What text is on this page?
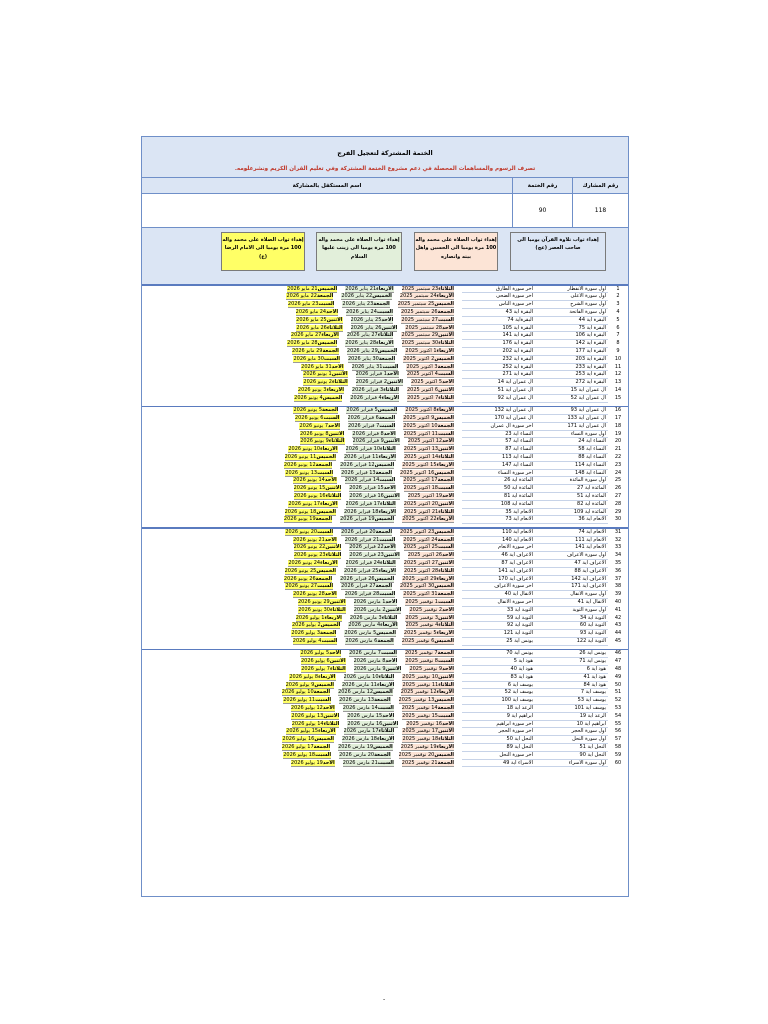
الختمة المشتركة لتعجيل الفرج
تصرف الرسوم والمساهمات المحصلة في دعم مشروع الختمة المشتركة وفي تعليم القران الكريم ونشرعلومه.
رقم المشارك
رقم الختمة
اسم المستكفل بالمشاركة
118
90
إهداء ثواب تلاوة القرآن يوميا الى صاحب العصر (عج)
إهداء ثواب الصلاة على محمد واله 100 مرة يوميا الى الحسين واهل بيته وانصاره
إهداء ثواب الصلاة على محمد واله 100 مرة يوميا الى زينب عليها السلام
إهداء ثواب الصلاة على محمد واله 100 مرة يوميا الى الامام الرضا (ع)
1
اول سورة الانفطار
اخر سورة الطارق
الثلاثاء23 سبتمبر 2025
الأربعاء21 يناير 2026
الخميس21 مايو 2026
2
اول سورة الاعلى
اخر سورة الضحى
الأربعاء24 سبتمبر 2025
الخميس22 يناير 2026
الجمعة22 مايو 2026
3
اول سورة الشرح
اخر سورة الناس
الخميس25 سبتمبر 2025
الجمعة23 يناير 2026
السبت23 مايو 2026
4
اول سورة الفاتحة
البقرة اية 43
الجمعة26 سبتمبر 2025
السبت24 يناير 2026
الأحد24 مايو 2026
5
البقرة اية 44
البقرةاية 74
السبت27 سبتمبر 2025
الأحد25 يناير 2026
الاثنين25 مايو 2026
6
البقرة اية 75
البقرة اية 105
الأحد28 سبتمبر 2025
الاثنين26 يناير 2026
الثلاثاء26 مايو 2026
7
البقرة اية 106
البقرة اية 141
الاثنين29 سبتمبر 2025
الثلاثاء27 يناير 2026
الأربعاء27 مايو 2026
8
البقرة اية 142
البقرة اية 176
الثلاثاء30 سبتمبر 2025
الأربعاء28 يناير 2026
الخميس28 مايو 2026
9
البقرة اية 177
البقرة اية 202
الأربعاء1 اكتوبر 2025
الخميس29 يناير 2026
الجمعة29 مايو 2026
10
البقرة اية 203
البقرة اية 232
الخميس2 اكتوبر 2025
الجمعة30 يناير 2026
السبت30 مايو 2026
11
البقرة اية 233
البقرة اية 252
الجمعة3 اكتوبر 2025
السبت31 يناير 2026
الأحد31 مايو 2026
12
البقرة اية 253
البقرة اية 271
السبت4 اكتوبر 2025
الأحد1 فبراير 2026
الاثنين1 يونيو 2026
13
البقرة اية 272
ال عمران اية 14
الأحد5 اكتوبر 2025
الاثنين2 فبراير 2026
الثلاثاء2 يونيو 2026
14
ال عمران اية 15
ال عمران اية 51
الاثنين6 اكتوبر 2025
الثلاثاء3 فبراير 2026
الأربعاء3 يونيو 2026
15
ال عمران اية 52
ال عمران اية 92
الثلاثاء7 اكتوبر 2025
الأربعاء4 فبراير 2026
الخميس4 يونيو 2026
16
ال عمران اية 93
ال عمران اية 132
الأربعاء8 اكتوبر 2025
الخميس5 فبراير 2026
الجمعة5 يونيو 2026
17
ال عمران اية 133
ال عمران اية 170
الخميس9 اكتوبر 2025
الجمعة6 فبراير 2026
السبت6 يونيو 2026
18
ال عمران اية 171
اخر سورة ال عمران
الجمعة10 اكتوبر 2025
السبت7 فبراير 2026
الأحد7 يونيو 2026
19
اول سورة النساء
النساء اية 23
السبت11 اكتوبر 2025
الأحد8 فبراير 2026
الاثنين8 يونيو 2026
20
النساء اية 24
النساء اية 57
الأحد12 اكتوبر 2025
الاثنين9 فبراير 2026
الثلاثاء9 يونيو 2026
21
النساء اية 58
النساء اية 87
الاثنين13 اكتوبر 2025
الثلاثاء10 فبراير 2026
الأربعاء10 يونيو 2026
22
النساء اية 88
النساء اية 113
الثلاثاء14 اكتوبر 2025
الأربعاء11 فبراير 2026
الخميس11 يونيو 2026
23
النساء اية 114
النساء اية 147
الأربعاء15 اكتوبر 2025
الخميس12 فبراير 2026
الجمعة12 يونيو 2026
24
النساء اية 148
اخر سورة النساء
الخميس16 اكتوبر 2025
الجمعة13 فبراير 2026
السبت13 يونيو 2026
25
اول سورة المائدة
المائدة اية 26
الجمعة17 اكتوبر 2025
السبت14 فبراير 2026
الأحد14 يونيو 2026
26
المائدة اية 27
المائدة اية 50
السبت18 اكتوبر 2025
الأحد15 فبراير 2026
الاثنين15 يونيو 2026
27
المائدة اية 51
المائدة اية 81
الأحد19 اكتوبر 2025
الاثنين16 فبراير 2026
الثلاثاء16 يونيو 2026
28
المائدة اية 82
المائدة اية 108
الاثنين20 اكتوبر 2025
الثلاثاء17 فبراير 2026
الأربعاء17 يونيو 2026
29
المائدة اية 109
الانعام اية 35
الثلاثاء21 اكتوبر 2025
الأربعاء18 فبراير 2026
الخميس18 يونيو 2026
30
الانعام اية 36
الانعام اية 73
الأربعاء22 اكتوبر 2025
الخميس19 فبراير 2026
الجمعة19 يونيو 2026
31
الانعام اية 74
الانعام اية 110
الخميس23 اكتوبر 2025
الجمعة20 فبراير 2026
السبت20 يونيو 2026
32
الانعام اية 111
الانعام اية 140
الجمعة24 اكتوبر 2025
السبت21 فبراير 2026
الأحد21 يونيو 2026
33
الانعام اية 141
اخر سورة الانعام
السبت25 اكتوبر 2025
الأحد22 فبراير 2026
الاثنين22 يونيو 2026
34
اول سورة الاعراف
الاعراف اية 46
الأحد26 اكتوبر 2025
الاثنين23 فبراير 2026
الثلاثاء23 يونيو 2026
35
الاعراف اية 47
الاعراف اية 87
الاثنين27 اكتوبر 2025
الثلاثاء24 فبراير 2026
الأربعاء24 يونيو 2026
36
الاعراف اية 88
الاعراف اية 141
الثلاثاء28 اكتوبر 2025
الأربعاء25 فبراير 2026
الخميس25 يونيو 2026
37
الاعراف اية 142
الاعراف اية 170
الأربعاء29 اكتوبر 2025
الخميس26 فبراير 2026
الجمعة26 يونيو 2026
38
الاعراف اية 171
اخر سورة الاعراف
الخميس30 اكتوبر 2025
الجمعة27 فبراير 2026
السبت27 يونيو 2026
39
اول سورة الانفال
الانفال اية 40
الجمعة31 اكتوبر 2025
السبت28 فبراير 2026
الأحد28 يونيو 2026
40
الانفال اية 41
اخر سورة الانفال
السبت1 نوفمبر 2025
الأحد1 مارس 2026
الاثنين29 يونيو 2026
41
اول سورة التوبة
التوبة اية 33
الأحد2 نوفمبر 2025
الاثنين2 مارس 2026
الثلاثاء30 يونيو 2026
42
التوبة اية 34
التوبة اية 59
الاثنين3 نوفمبر 2025
الثلاثاء3 مارس 2026
الأربعاء1 يوليو 2026
43
التوبة اية 60
التوبة اية 92
الثلاثاء4 نوفمبر 2025
الأربعاء4 مارس 2026
الخميس2 يوليو 2026
44
التوبة اية 93
التوبة اية 121
الأربعاء5 نوفمبر 2025
الخميس5 مارس 2026
الجمعة3 يوليو 2026
45
التوبة اية 122
يونس اية 25
الخميس6 نوفمبر 2025
الجمعة6 مارس 2026
السبت4 يوليو 2026
46
يونس اية 26
يونس اية 70
الجمعة7 نوفمبر 2025
السبت7 مارس 2026
الأحد5 يوليو 2026
47
يونس اية 71
هود اية 5
السبت8 نوفمبر 2025
الأحد8 مارس 2026
الاثنين6 يوليو 2026
48
هود اية 6
هود اية 40
الأحد9 نوفمبر 2025
الاثنين9 مارس 2026
الثلاثاء7 يوليو 2026
49
هود اية 41
هود اية 83
الاثنين10 نوفمبر 2025
الثلاثاء10 مارس 2026
الأربعاء8 يوليو 2026
50
هود اية 84
يوسف اية 6
الثلاثاء11 نوفمبر 2025
الأربعاء11 مارس 2026
الخميس9 يوليو 2026
51
يوسف اية 7
يوسف اية 52
الأربعاء12 نوفمبر 2025
الخميس12 مارس 2026
الجمعة10 يوليو 2026
52
يوسف اية 53
يوسف اية 100
الخميس13 نوفمبر 2025
الجمعة13 مارس 2026
السبت11 يوليو 2026
53
يوسف اية 101
الرعد اية 18
الجمعة14 نوفمبر 2025
السبت14 مارس 2026
الأحد12 يوليو 2026
54
الرعد اية 19
ابراهيم اية 9
السبت15 نوفمبر 2025
الأحد15 مارس 2026
الاثنين13 يوليو 2026
55
ابراهيم اية 10
اخر سورة ابراهيم
الأحد16 نوفمبر 2025
الاثنين16 مارس 2026
الثلاثاء14 يوليو 2026
56
اول سورة الحجر
اخر سورة الحجر
الاثنين17 نوفمبر 2025
الثلاثاء17 مارس 2026
الأربعاء15 يوليو 2026
57
اول سورة النحل
النحل اية 50
الثلاثاء18 نوفمبر 2025
الأربعاء18 مارس 2026
الخميس16 يوليو 2026
58
النحل اية 51
النحل اية 89
الأربعاء19 نوفمبر 2025
الخميس19 مارس 2026
الجمعة17 يوليو 2026
59
النحل اية 90
اخر سورة النحل
الخميس20 نوفمبر 2025
الجمعة20 مارس 2026
السبت18 يوليو 2026
60
اول سورة الاسراء
الاسراء اية 49
الجمعة21 نوفمبر 2025
السبت21 مارس 2026
الأحد19 يوليو 2026
-
